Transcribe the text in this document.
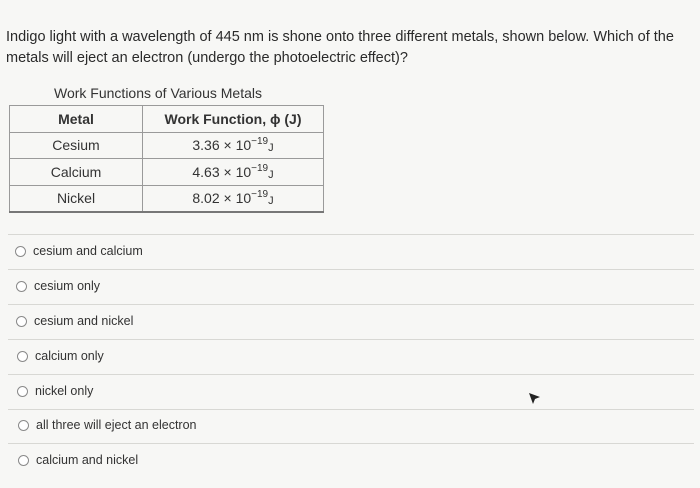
Indigo light with a wavelength of 445 nm is shone onto three different metals, shown below. Which of the metals will eject an electron (undergo the photoelectric effect)?
Work Functions of Various Metals
Metal	Work Function, ϕ (J)
Cesium	$3.36 \times 10^{-19}J$
Calcium	$4.63 \times 10^{-19}J$
Nickel	$8.02 \times 10^{-19}J$
cesium and calcium
cesium only
cesium and nickel
calcium only
nickel only
all three will eject an electron
calcium and nickel
